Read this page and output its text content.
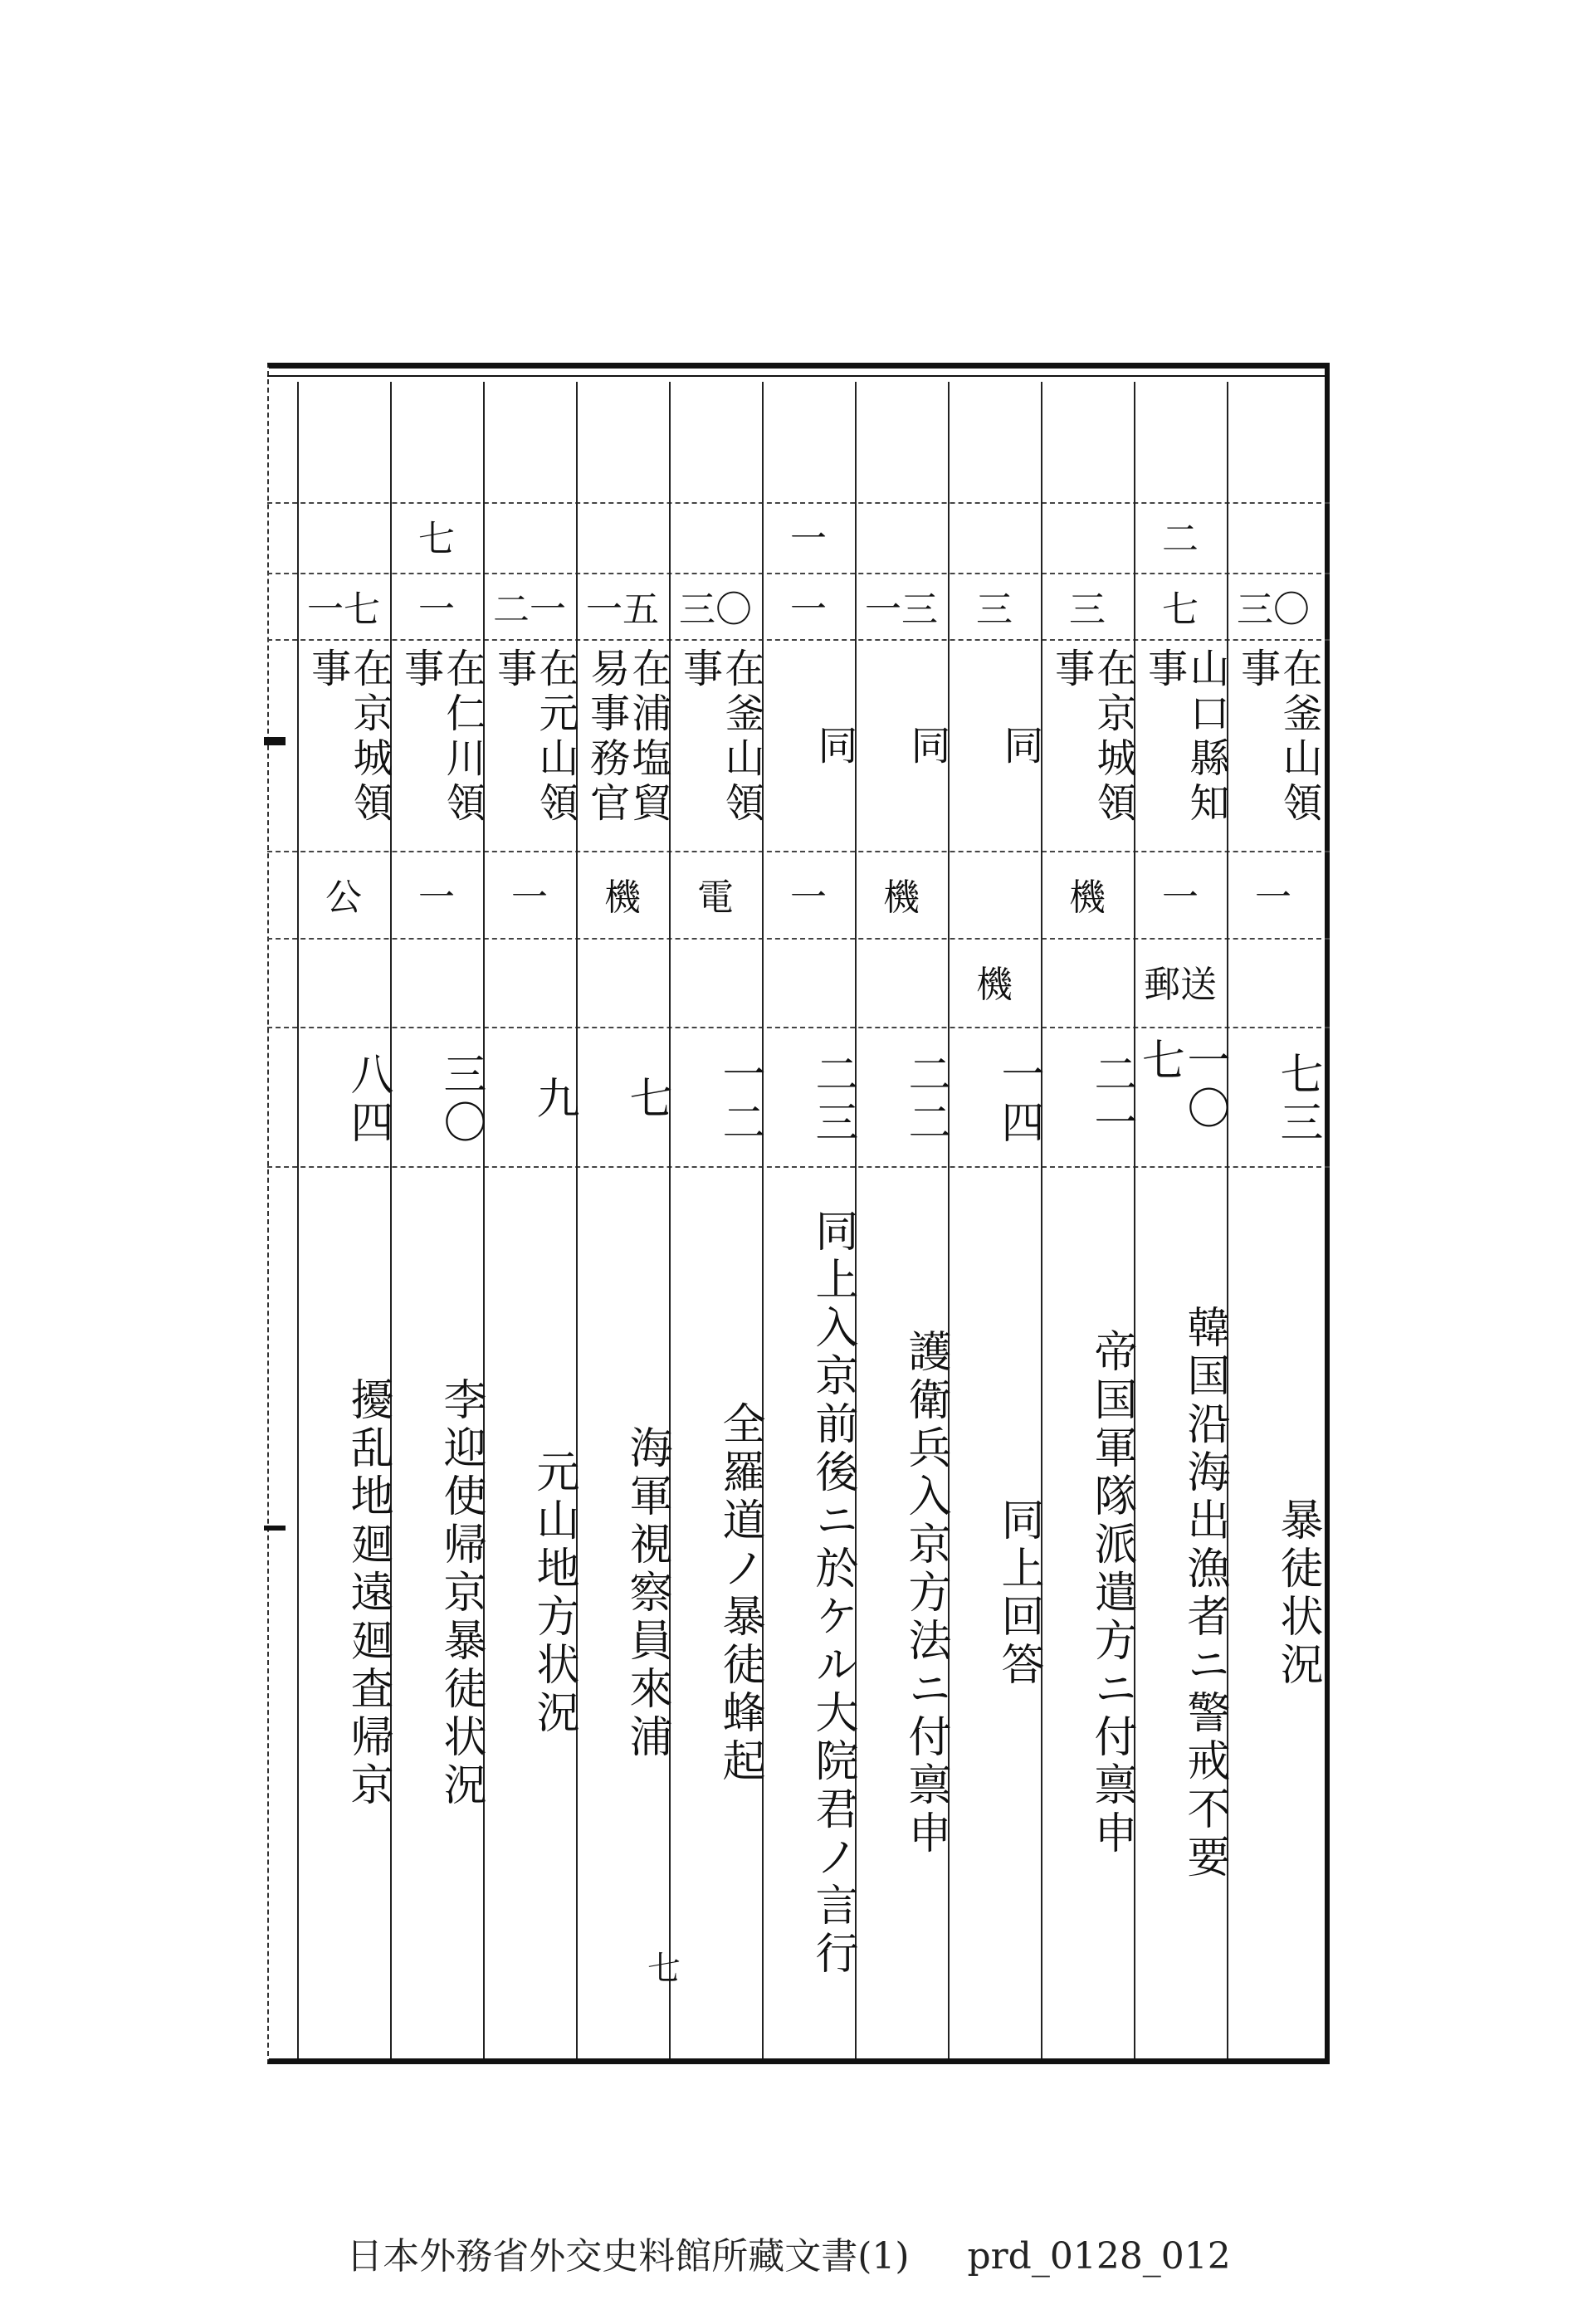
三〇
在釜山領事
一
七三
暴徒状況
二
七
山口縣知事
一
郵送
一〇七
韓国沿海出漁者ニ警戒不要
三
在京城領事
機
二一
帝国軍隊派遣方ニ付禀申
三
同
機
一四
同上回答
一三
同
機
二二
護衛兵入京方法ニ付禀申
一
一
同
一
二三
同上入京前後ニ於ケル大院君ノ言行
三〇
在釜山領事
電
一二
全羅道ノ暴徒蜂起
一五
在浦塩貿易事務官
機
七
海軍視察員來浦
二一
在元山領事
一
九
元山地方状況
七
一
在仁川領事
一
三〇
李迎使帰京暴徒状況
一七
在京城領事
公
八四
擾乱地廻遠廻査帰京
七
日本外務省外交史料館所藏文書(1) prd_0128_012
